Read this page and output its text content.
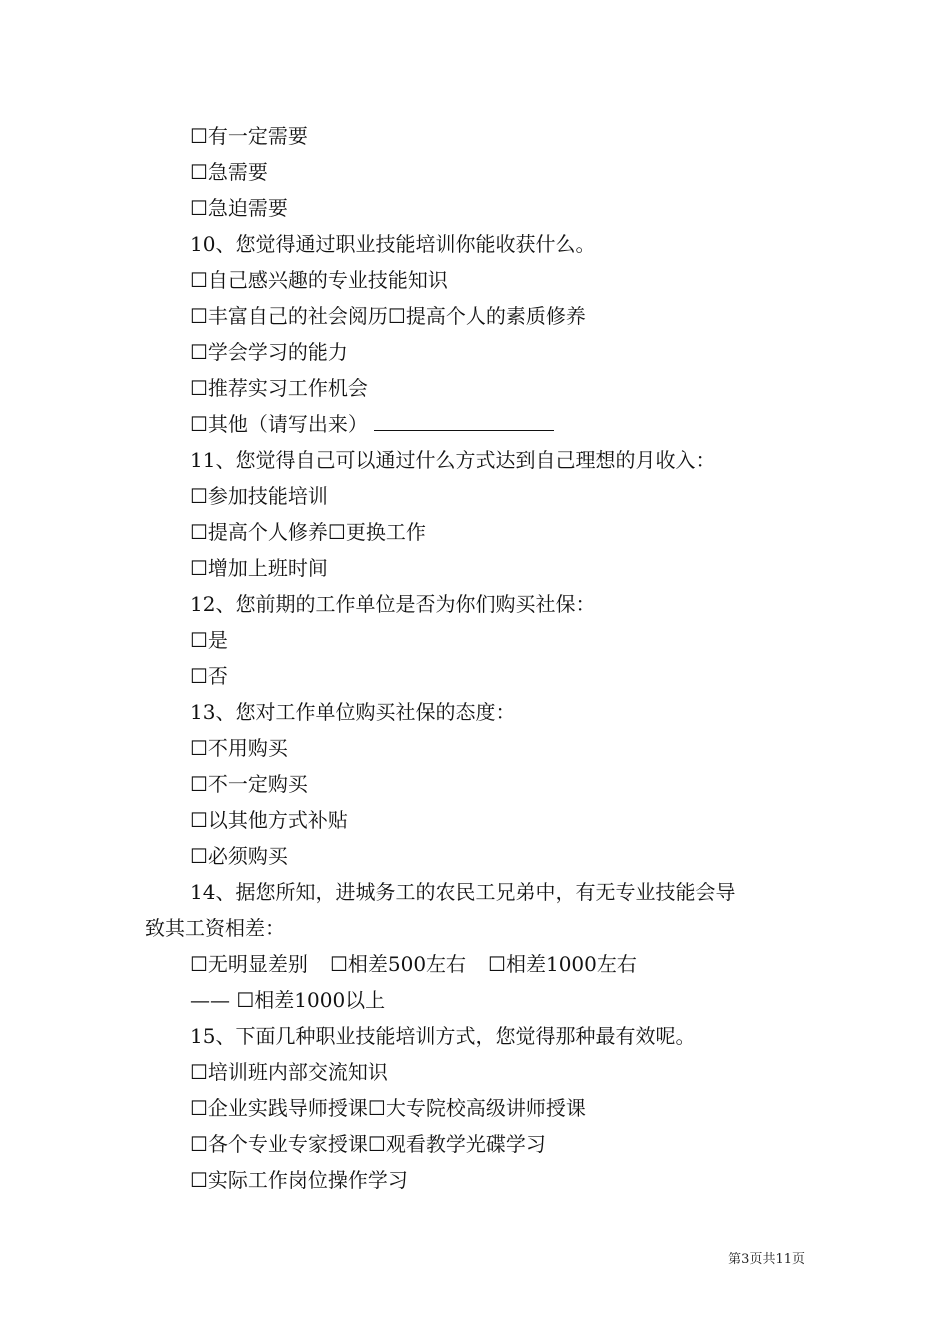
☐有一定需要
☐急需要
☐急迫需要
10、您觉得通过职业技能培训你能收获什么。
☐自己感兴趣的专业技能知识
☐丰富自己的社会阅历☐提高个人的素质修养
☐学会学习的能力
☐推荐实习工作机会
☐其他（请写出来）
11、您觉得自己可以通过什么方式达到自己理想的月收入：
☐参加技能培训
☐提高个人修养☐更换工作
☐增加上班时间
12、您前期的工作单位是否为你们购买社保：
☐是
☐否
13、您对工作单位购买社保的态度：
☐不用购买
☐不一定购买
☐以其他方式补贴
☐必须购买
14、据您所知，进城务工的农民工兄弟中，有无专业技能会导
致其工资相差：
☐无明显差别 ☐相差500左右 ☐相差1000左右
—— ☐相差1000以上
15、下面几种职业技能培训方式，您觉得那种最有效呢。
☐培训班内部交流知识
☐企业实践导师授课☐大专院校高级讲师授课
☐各个专业专家授课☐观看教学光碟学习
☐实际工作岗位操作学习
第3页共11页
